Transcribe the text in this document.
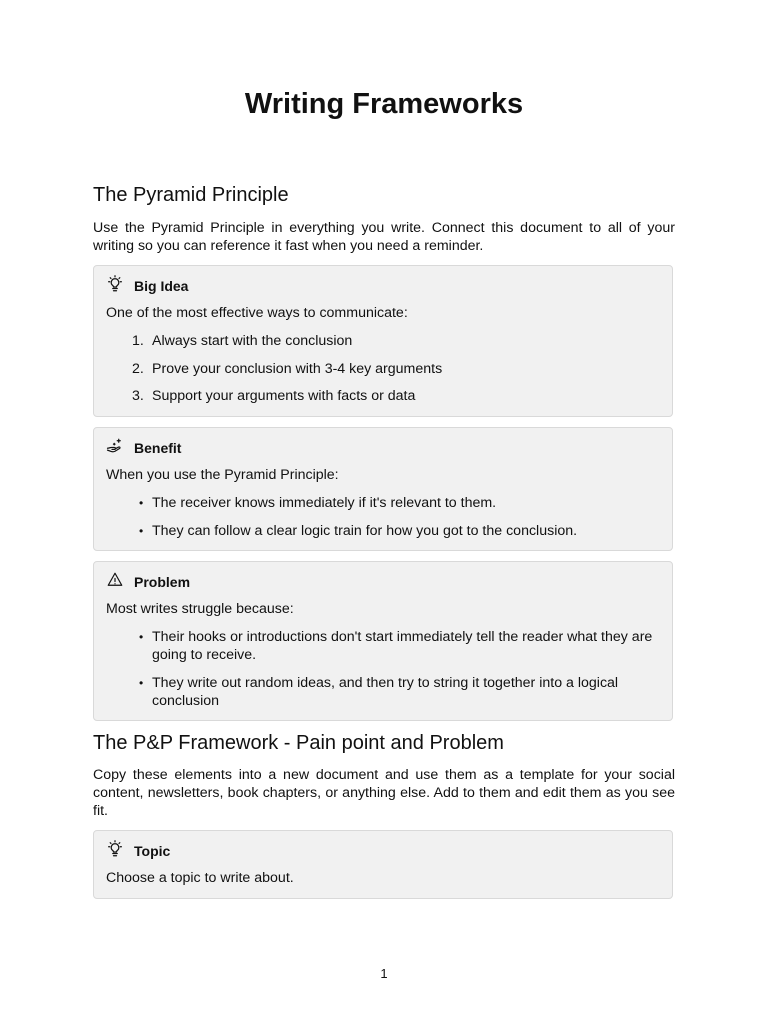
Writing Frameworks
The Pyramid Principle

Use the Pyramid Principle in everything you write. Connect this document to all of your writing so you can reference it fast when you need a reminder.

Big Idea
One of the most effective ways to communicate:
1. Always start with the conclusion
2. Prove your conclusion with 3-4 key arguments
3. Support your arguments with facts or data
Benefit
When you use the Pyramid Principle:
• The receiver knows immediately if it's relevant to them.
• They can follow a clear logic train for how you got to the conclusion.
Problem
Most writes struggle because:
• Their hooks or introductions don't start immediately tell the reader what they are going to receive.
• They write out random ideas, and then try to string it together into a logical conclusion
The P&P Framework - Pain point and Problem

Copy these elements into a new document and use them as a template for your social content, newsletters, book chapters, or anything else. Add to them and edit them as you see fit.

Topic
Choose a topic to write about.
1
